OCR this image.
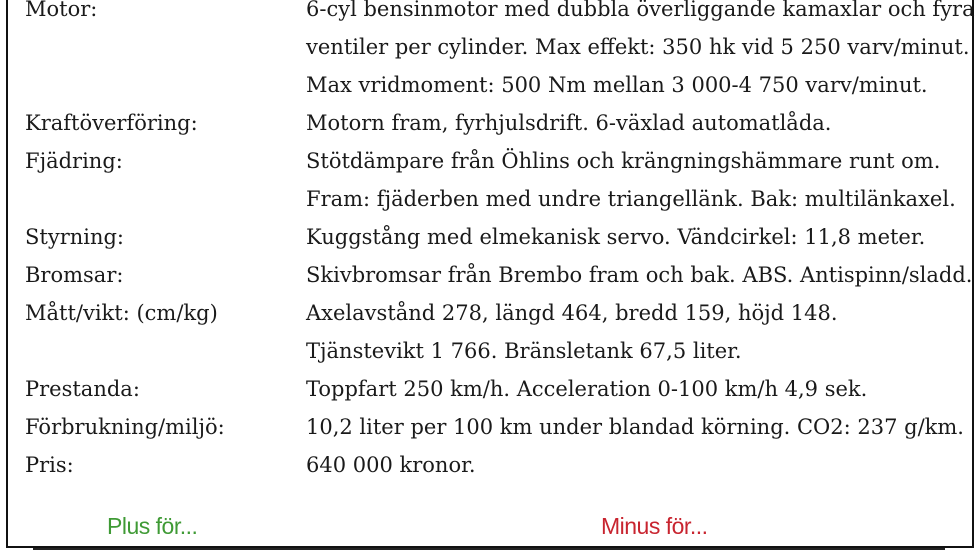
Motor:	6-cyl bensinmotor med dubbla överliggande kamaxlar och fyra
ventiler per cylinder. Max effekt: 350 hk vid 5 250 varv/minut.
Max vridmoment: 500 Nm mellan 3 000-4 750 varv/minut.
Kraftöverföring:	Motorn fram, fyrhjulsdrift. 6-växlad automatlåda.
Fjädring:	Stötdämpare från Öhlins och krängningshämmare runt om.
Fram: fjäderben med undre triangellänk. Bak: multilänkaxel.
Styrning:	Kuggstång med elmekanisk servo. Vändcirkel: 11,8 meter.
Bromsar:	Skivbromsar från Brembo fram och bak. ABS. Antispinn/sladd.
Mått/vikt: (cm/kg)	Axelavstånd 278, längd 464, bredd 159, höjd 148.
Tjänstevikt 1 766. Bränsletank 67,5 liter.
Prestanda:	Toppfart 250 km/h. Acceleration 0-100 km/h 4,9 sek.
Förbrukning/miljö:	10,2 liter per 100 km under blandad körning. CO2: 237 g/km.
Pris:	640 000 kronor.
Plus för...	Minus för...
